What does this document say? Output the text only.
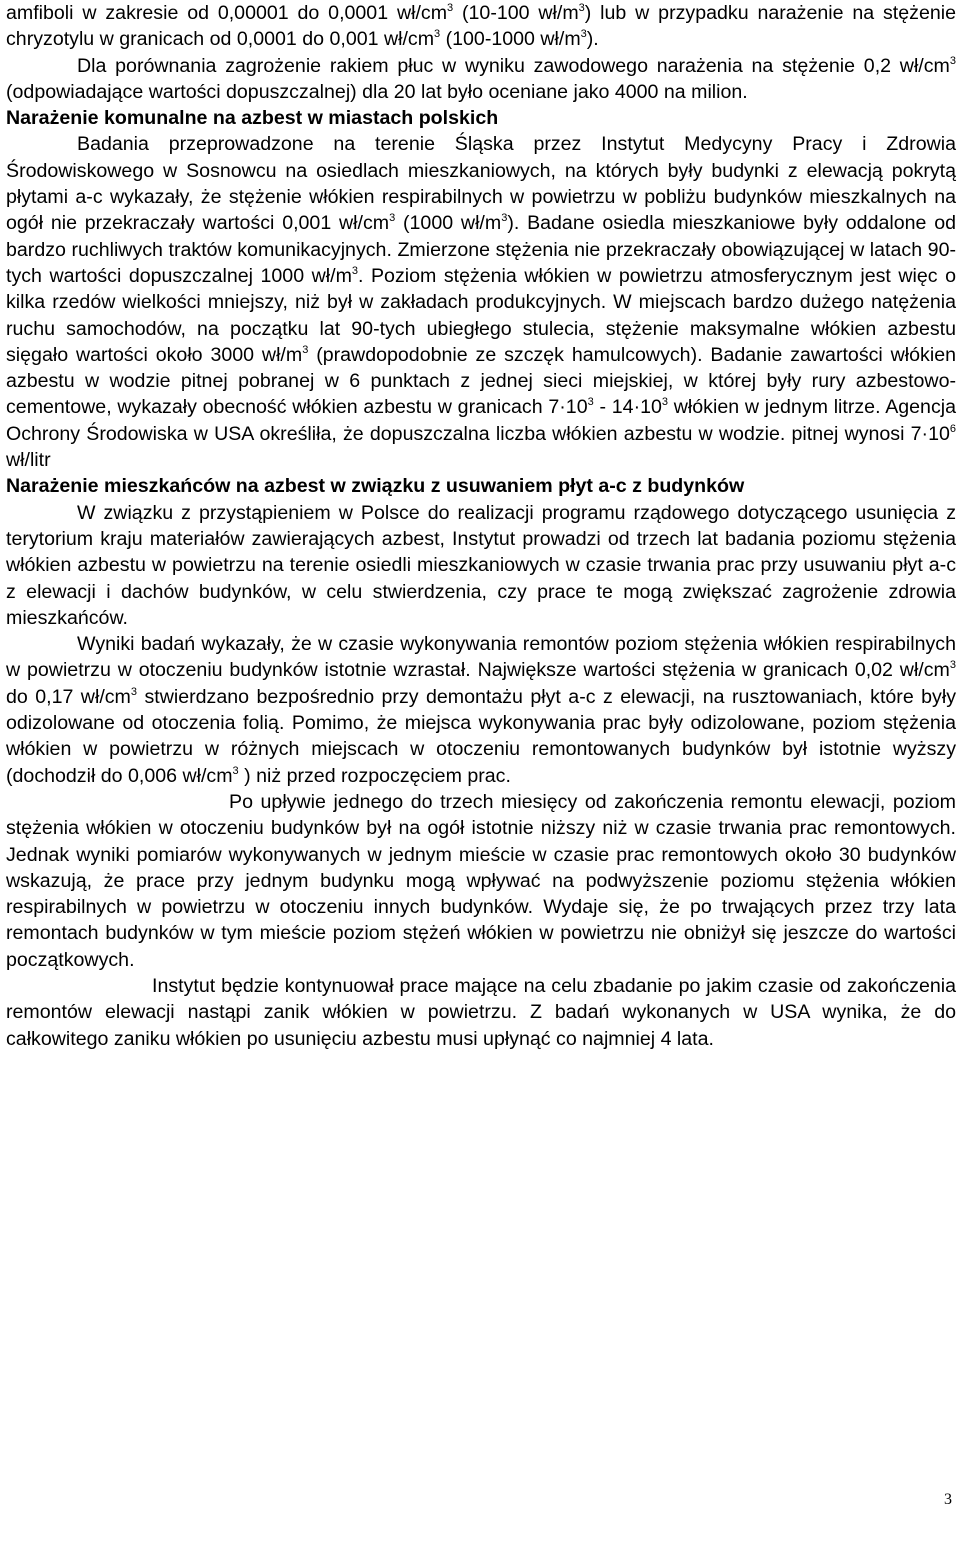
amfiboli w zakresie od 0,00001 do 0,0001 $wł/cm^3$ (10-100 $wł/m^3$) lub w przypadku narażenie na stężenie chryzotylu w granicach od 0,0001 do 0,001 $wł/cm^3$ (100-1000 $wł/m^3$).

Dla porównania zagrożenie rakiem płuc w wyniku zawodowego narażenia na stężenie 0,2 $wł/cm^3$ (odpowiadające wartości dopuszczalnej) dla 20 lat było oceniane jako 4000 na milion.

Narażenie komunalne na azbest w miastach polskich

Badania przeprowadzone na terenie Śląska przez Instytut Medycyny Pracy i Zdrowia Środowiskowego w Sosnowcu na osiedlach mieszkaniowych, na których były budynki z elewacją pokrytą płytami a-c wykazały, że stężenie włókien respirabilnych w powietrzu w pobliżu budynków mieszkalnych na ogół nie przekraczały wartości 0,001 $wł/cm^3$ (1000 $wł/m^3$). Badane osiedla mieszkaniowe były oddalone od bardzo ruchliwych traktów komunikacyjnych. Zmierzone stężenia nie przekraczały obowiązującej w latach 90-tych wartości dopuszczalnej 1000 $wł/m^3$. Poziom stężenia włókien w powietrzu atmosferycznym jest więc o kilka rzedów wielkości mniejszy, niż był w zakładach produkcyjnych. W miejscach bardzo dużego natężenia ruchu samochodów, na początku lat 90-tych ubiegłego stulecia, stężenie maksymalne włókien azbestu sięgało wartości około 3000 $wł/m^3$ (prawdopodobnie ze szczęk hamulcowych). Badanie zawartości włókien azbestu w wodzie pitnej pobranej w 6 punktach z jednej sieci miejskiej, w której były rury azbestowo-cementowe, wykazały obecność włókien azbestu w granicach $7\cdot 10^3 - 14\cdot 10^3$ włókien w jednym litrze. Agencja Ochrony Środowiska w USA określiła, że dopuszczalna liczba włókien azbestu w wodzie. pitnej wynosi $7\cdot 10^6$ wł/litr

Narażenie mieszkańców na azbest w związku z usuwaniem płyt a-c z budynków

W związku z przystąpieniem w Polsce do realizacji programu rządowego dotyczącego usunięcia z terytorium kraju materiałów zawierających azbest, Instytut prowadzi od trzech lat badania poziomu stężenia włókien azbestu w powietrzu na terenie osiedli mieszkaniowych w czasie trwania prac przy usuwaniu płyt a-c z elewacji i dachów budynków, w celu stwierdzenia, czy prace te mogą zwiększać zagrożenie zdrowia mieszkańców.

Wyniki badań wykazały, że w czasie wykonywania remontów poziom stężenia włókien respirabilnych w powietrzu w otoczeniu budynków istotnie wzrastał. Największe wartości stężenia w granicach 0,02 $wł/cm^3$ do 0,17 $wł/cm^3$ stwierdzano bezpośrednio przy demontażu płyt a-c z elewacji, na rusztowaniach, które były odizolowane od otoczenia folią. Pomimo, że miejsca wykonywania prac były odizolowane, poziom stężenia włókien w powietrzu w różnych miejscach w otoczeniu remontowanych budynków był istotnie wyższy (dochodził do 0,006 $wł/cm^3$ ) niż przed rozpoczęciem prac.

Po upływie jednego do trzech miesięcy od zakończenia remontu elewacji, poziom stężenia włókien w otoczeniu budynków był na ogół istotnie niższy niż w czasie trwania prac remontowych. Jednak wyniki pomiarów wykonywanych w jednym mieście w czasie prac remontowych około 30 budynków wskazują, że prace przy jednym budynku mogą wpływać na podwyższenie poziomu stężenia włókien respirabilnych w powietrzu w otoczeniu innych budynków. Wydaje się, że po trwających przez trzy lata remontach budynków w tym mieście poziom stężeń włókien w powietrzu nie obniżył się jeszcze do wartości początkowych.

Instytut będzie kontynuował prace mające na celu zbadanie po jakim czasie od zakończenia remontów elewacji nastąpi zanik włókien w powietrzu. Z badań wykonanych w USA wynika, że do całkowitego zaniku włókien po usunięciu azbestu musi upłynąć co najmniej 4 lata.

3
